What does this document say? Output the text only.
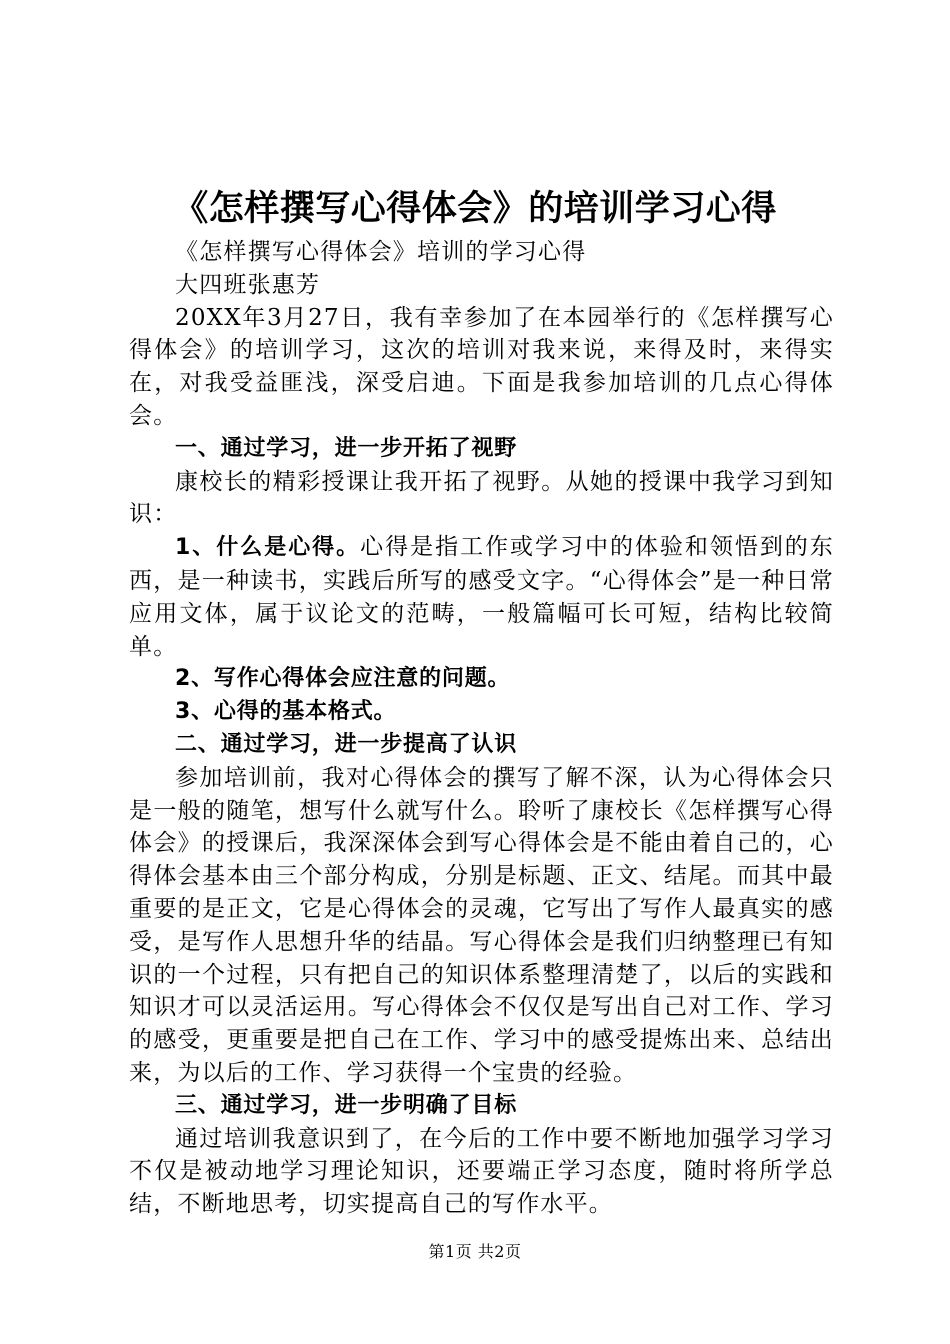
《怎样撰写心得体会》的培训学习心得

《怎样撰写心得体会》培训的学习心得

大四班张惠芳

20XX年3月27日，我有幸参加了在本园举行的《怎样撰写心得体会》的培训学习，这次的培训对我来说，来得及时，来得实在，对我受益匪浅，深受启迪。下面是我参加培训的几点心得体会。

一、通过学习，进一步开拓了视野

康校长的精彩授课让我开拓了视野。从她的授课中我学习到知识：

1、什么是心得。心得是指工作或学习中的体验和领悟到的东西，是一种读书，实践后所写的感受文字。“心得体会”是一种日常应用文体，属于议论文的范畴，一般篇幅可长可短，结构比较简单。

2、写作心得体会应注意的问题。

3、心得的基本格式。

二、通过学习，进一步提高了认识

参加培训前，我对心得体会的撰写了解不深，认为心得体会只是一般的随笔，想写什么就写什么。聆听了康校长《怎样撰写心得体会》的授课后，我深深体会到写心得体会是不能由着自己的，心得体会基本由三个部分构成，分别是标题、正文、结尾。而其中最重要的是正文，它是心得体会的灵魂，它写出了写作人最真实的感受，是写作人思想升华的结晶。写心得体会是我们归纳整理已有知识的一个过程，只有把自己的知识体系整理清楚了，以后的实践和知识才可以灵活运用。写心得体会不仅仅是写出自己对工作、学习的感受，更重要是把自己在工作、学习中的感受提炼出来、总结出来，为以后的工作、学习获得一个宝贵的经验。

三、通过学习，进一步明确了目标

通过培训我意识到了，在今后的工作中要不断地加强学习学习不仅是被动地学习理论知识，还要端正学习态度，随时将所学总结，不断地思考，切实提高自己的写作水平。

第1页 共2页
